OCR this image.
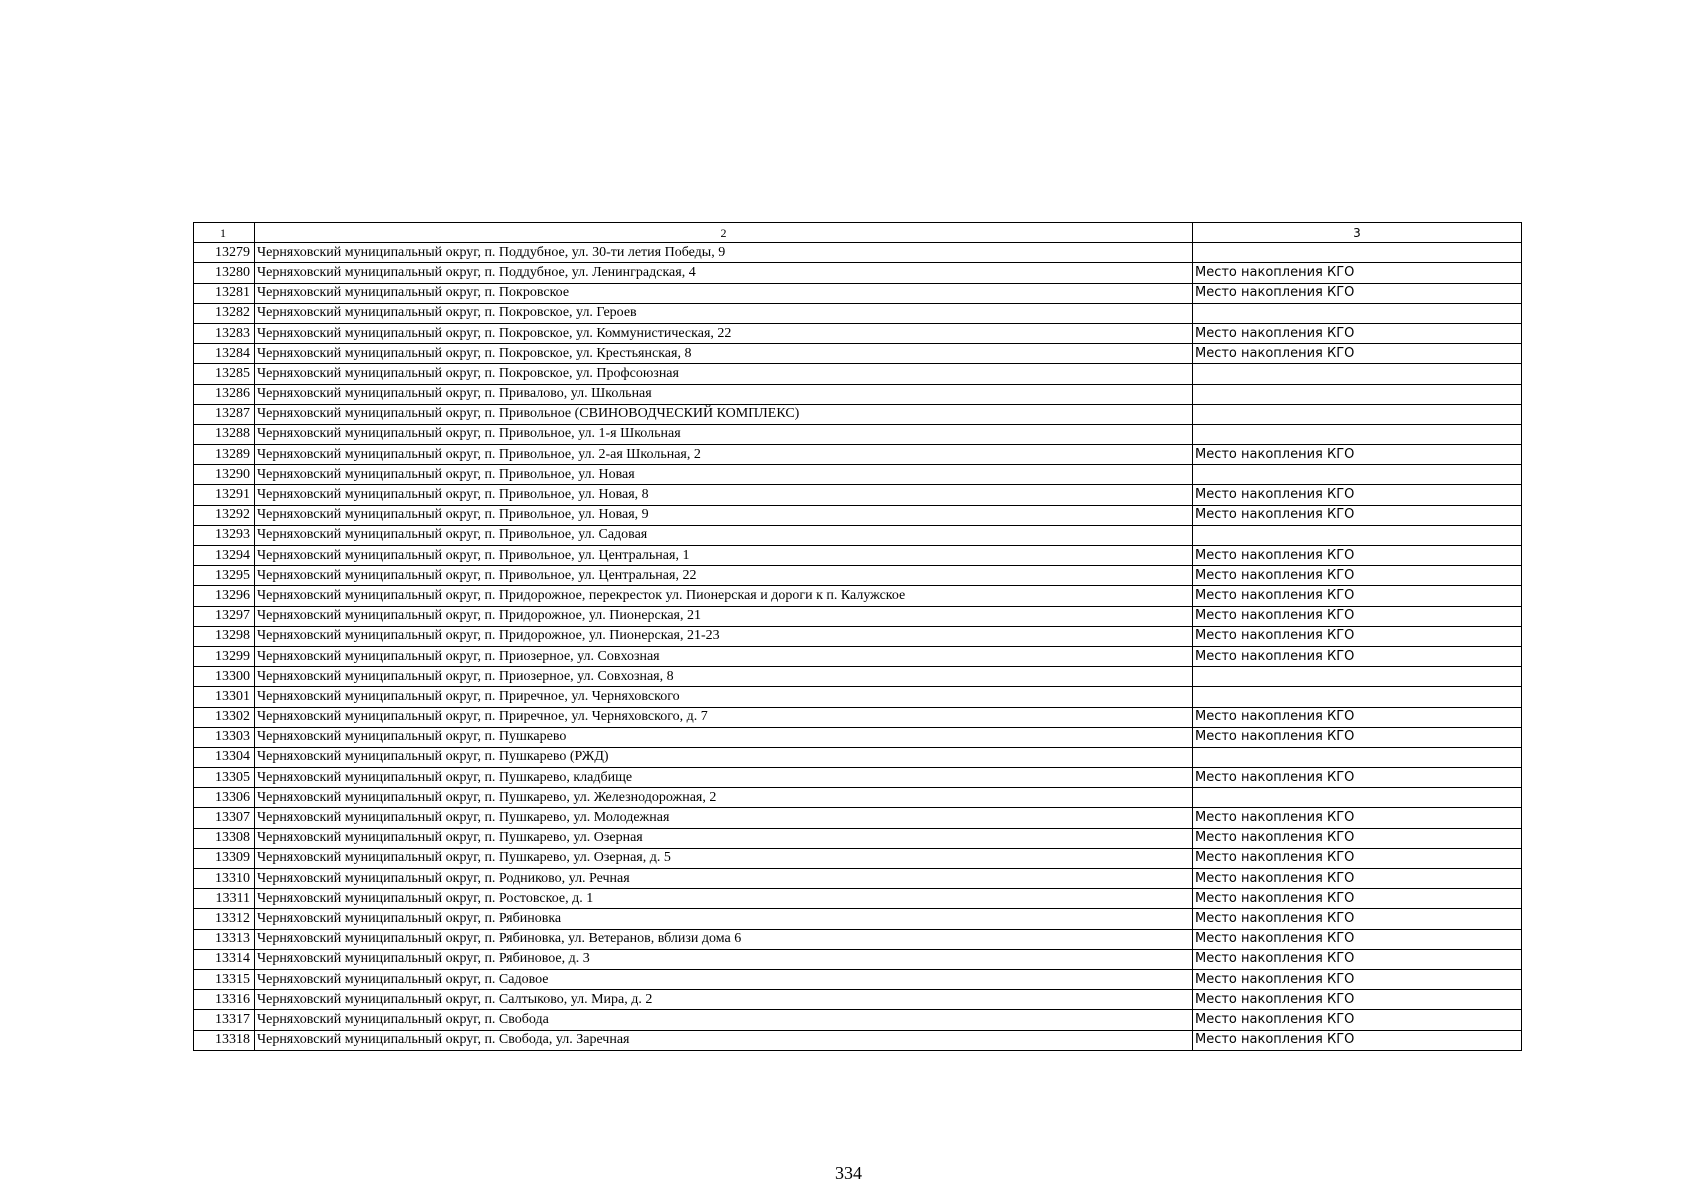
1	2	3
13279	Черняховский муниципальный округ, п. Поддубное, ул. 30-ти летия Победы, 9	
13280	Черняховский муниципальный округ, п. Поддубное, ул. Ленинградская, 4	Место накопления КГО
13281	Черняховский муниципальный округ, п. Покровское	Место накопления КГО
13282	Черняховский муниципальный округ, п. Покровское, ул. Героев	
13283	Черняховский муниципальный округ, п. Покровское, ул. Коммунистическая, 22	Место накопления КГО
13284	Черняховский муниципальный округ, п. Покровское, ул. Крестьянская, 8	Место накопления КГО
13285	Черняховский муниципальный округ, п. Покровское, ул. Профсоюзная	
13286	Черняховский муниципальный округ, п. Привалово, ул. Школьная	
13287	Черняховский муниципальный округ, п. Привольное (СВИНОВОДЧЕСКИЙ КОМПЛЕКС)	
13288	Черняховский муниципальный округ, п. Привольное, ул. 1-я Школьная	
13289	Черняховский муниципальный округ, п. Привольное, ул. 2-ая Школьная, 2	Место накопления КГО
13290	Черняховский муниципальный округ, п. Привольное, ул. Новая	
13291	Черняховский муниципальный округ, п. Привольное, ул. Новая, 8	Место накопления КГО
13292	Черняховский муниципальный округ, п. Привольное, ул. Новая, 9	Место накопления КГО
13293	Черняховский муниципальный округ, п. Привольное, ул. Садовая	
13294	Черняховский муниципальный округ, п. Привольное, ул. Центральная, 1	Место накопления КГО
13295	Черняховский муниципальный округ, п. Привольное, ул. Центральная, 22	Место накопления КГО
13296	Черняховский муниципальный округ, п. Придорожное, перекресток ул. Пионерская и дороги к п. Калужское	Место накопления КГО
13297	Черняховский муниципальный округ, п. Придорожное, ул. Пионерская, 21	Место накопления КГО
13298	Черняховский муниципальный округ, п. Придорожное, ул. Пионерская, 21-23	Место накопления КГО
13299	Черняховский муниципальный округ, п. Приозерное, ул. Совхозная	Место накопления КГО
13300	Черняховский муниципальный округ, п. Приозерное, ул. Совхозная, 8	
13301	Черняховский муниципальный округ, п. Приречное, ул. Черняховского	
13302	Черняховский муниципальный округ, п. Приречное, ул. Черняховского, д. 7	Место накопления КГО
13303	Черняховский муниципальный округ, п. Пушкарево	Место накопления КГО
13304	Черняховский муниципальный округ, п. Пушкарево (РЖД)	
13305	Черняховский муниципальный округ, п. Пушкарево, кладбище	Место накопления КГО
13306	Черняховский муниципальный округ, п. Пушкарево, ул. Железнодорожная, 2	
13307	Черняховский муниципальный округ, п. Пушкарево, ул. Молодежная	Место накопления КГО
13308	Черняховский муниципальный округ, п. Пушкарево, ул. Озерная	Место накопления КГО
13309	Черняховский муниципальный округ, п. Пушкарево, ул. Озерная, д. 5	Место накопления КГО
13310	Черняховский муниципальный округ, п. Родниково, ул. Речная	Место накопления КГО
13311	Черняховский муниципальный округ, п. Ростовское, д. 1	Место накопления КГО
13312	Черняховский муниципальный округ, п. Рябиновка	Место накопления КГО
13313	Черняховский муниципальный округ, п. Рябиновка, ул. Ветеранов, вблизи дома 6	Место накопления КГО
13314	Черняховский муниципальный округ, п. Рябиновое, д. 3	Место накопления КГО
13315	Черняховский муниципальный округ, п. Садовое	Место накопления КГО
13316	Черняховский муниципальный округ, п. Салтыково, ул. Мира, д. 2	Место накопления КГО
13317	Черняховский муниципальный округ, п. Свобода	Место накопления КГО
13318	Черняховский муниципальный округ, п. Свобода, ул. Заречная	Место накопления КГО
334
